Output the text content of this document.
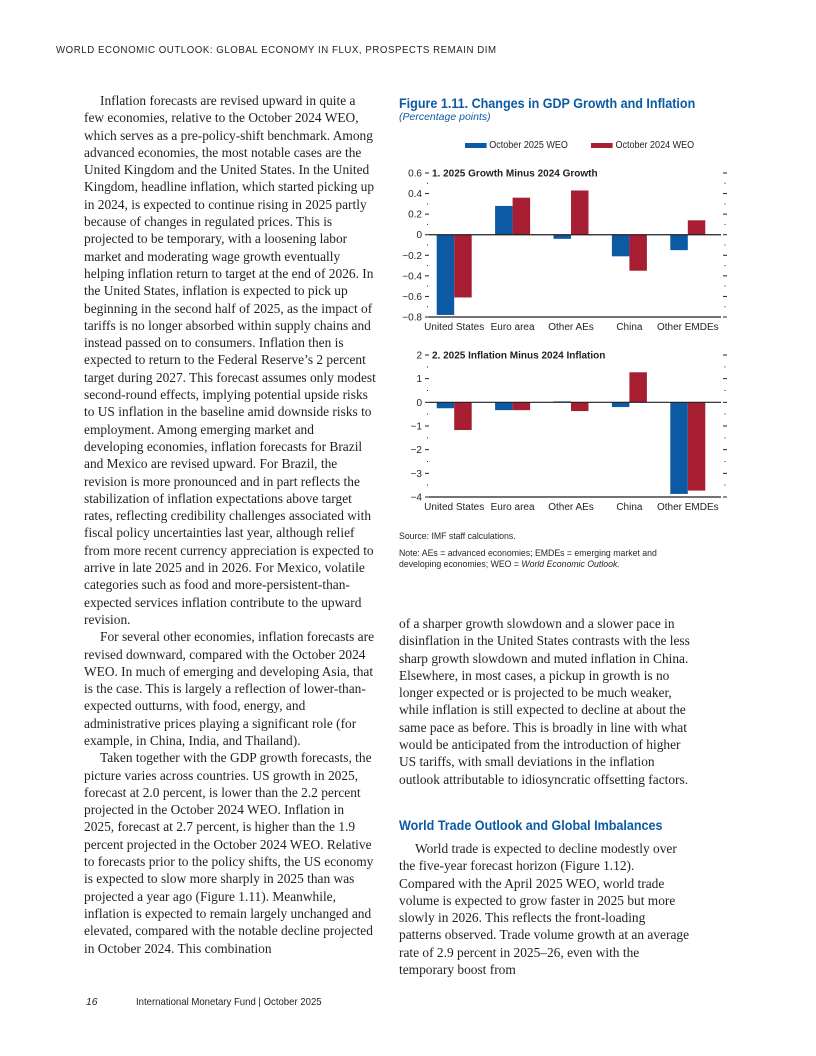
WORLD ECONOMIC OUTLOOK: GLOBAL ECONOMY IN FLUX, PROSPECTS REMAIN DIM

Inflation forecasts are revised upward in quite a few economies, relative to the October 2024 WEO, which serves as a pre-policy-shift benchmark. Among advanced economies, the most notable cases are the United Kingdom and the United States. In the United Kingdom, headline inflation, which started picking up in 2024, is expected to continue rising in 2025 partly because of changes in regulated prices. This is projected to be temporary, with a loosening labor market and moderating wage growth eventually helping inflation return to target at the end of 2026. In the United States, inflation is expected to pick up beginning in the second half of 2025, as the impact of tariffs is no longer absorbed within supply chains and instead passed on to consumers. Inflation then is expected to return to the Federal Reserve’s 2 percent target during 2027. This forecast assumes only modest second-round effects, implying potential upside risks to US inflation in the baseline amid downside risks to employment. Among emerging market and developing economies, inflation forecasts for Brazil and Mexico are revised upward. For Brazil, the revision is more pronounced and in part reflects the stabilization of inflation expectations above target rates, reflecting credibility challenges associated with fiscal policy uncertainties last year, although relief from more recent currency appreciation is expected to arrive in late 2025 and in 2026. For Mexico, volatile categories such as food and more-persistent-than-expected services inflation contribute to the upward revision.

For several other economies, inflation forecasts are revised downward, compared with the October 2024 WEO. In much of emerging and developing Asia, that is the case. This is largely a reflection of lower-than-expected outturns, with food, energy, and administrative prices playing a significant role (for example, in China, India, and Thailand).

Taken together with the GDP growth forecasts, the picture varies across countries. US growth in 2025, forecast at 2.0 percent, is lower than the 2.2 percent projected in the October 2024 WEO. Inflation in 2025, forecast at 2.7 percent, is higher than the 1.9 percent projected in the October 2024 WEO. Relative to forecasts prior to the policy shifts, the US economy is expected to slow more sharply in 2025 than was projected a year ago (Figure 1.11). Meanwhile, inflation is expected to remain largely unchanged and elevated, compared with the notable decline projected in October 2024. This combination

Figure 1.11. Changes in GDP Growth and Inflation
(Percentage points)
October 2025 WEO	October 2024 WEO
0.6
0.4
0.2
0
−0.2
−0.4
−0.6
−0.8
1. 2025 Growth Minus 2024 Growth
United States Euro area Other AEs China Other EMDEs
2
1
0
−1
−2
−3
−4
2. 2025 Inflation Minus 2024 Inflation
United States Euro area Other AEs China Other EMDEs

Source: IMF staff calculations.

Note: AEs = advanced economies; EMDEs = emerging market and developing economies; WEO = World Economic Outlook.

of a sharper growth slowdown and a slower pace in disinflation in the United States contrasts with the less sharp growth slowdown and muted inflation in China. Elsewhere, in most cases, a pickup in growth is no longer expected or is projected to be much weaker, while inflation is still expected to decline at about the same pace as before. This is broadly in line with what would be anticipated from the introduction of higher US tariffs, with small deviations in the inflation outlook attributable to idiosyncratic offsetting factors.

World Trade Outlook and Global Imbalances

World trade is expected to decline modestly over the five-year forecast horizon (Figure 1.12). Compared with the April 2025 WEO, world trade volume is expected to grow faster in 2025 but more slowly in 2026. This reflects the front-loading patterns observed. Trade volume growth at an average rate of 2.9 percent in 2025–26, even with the temporary boost from

16	International Monetary Fund | October 2025
